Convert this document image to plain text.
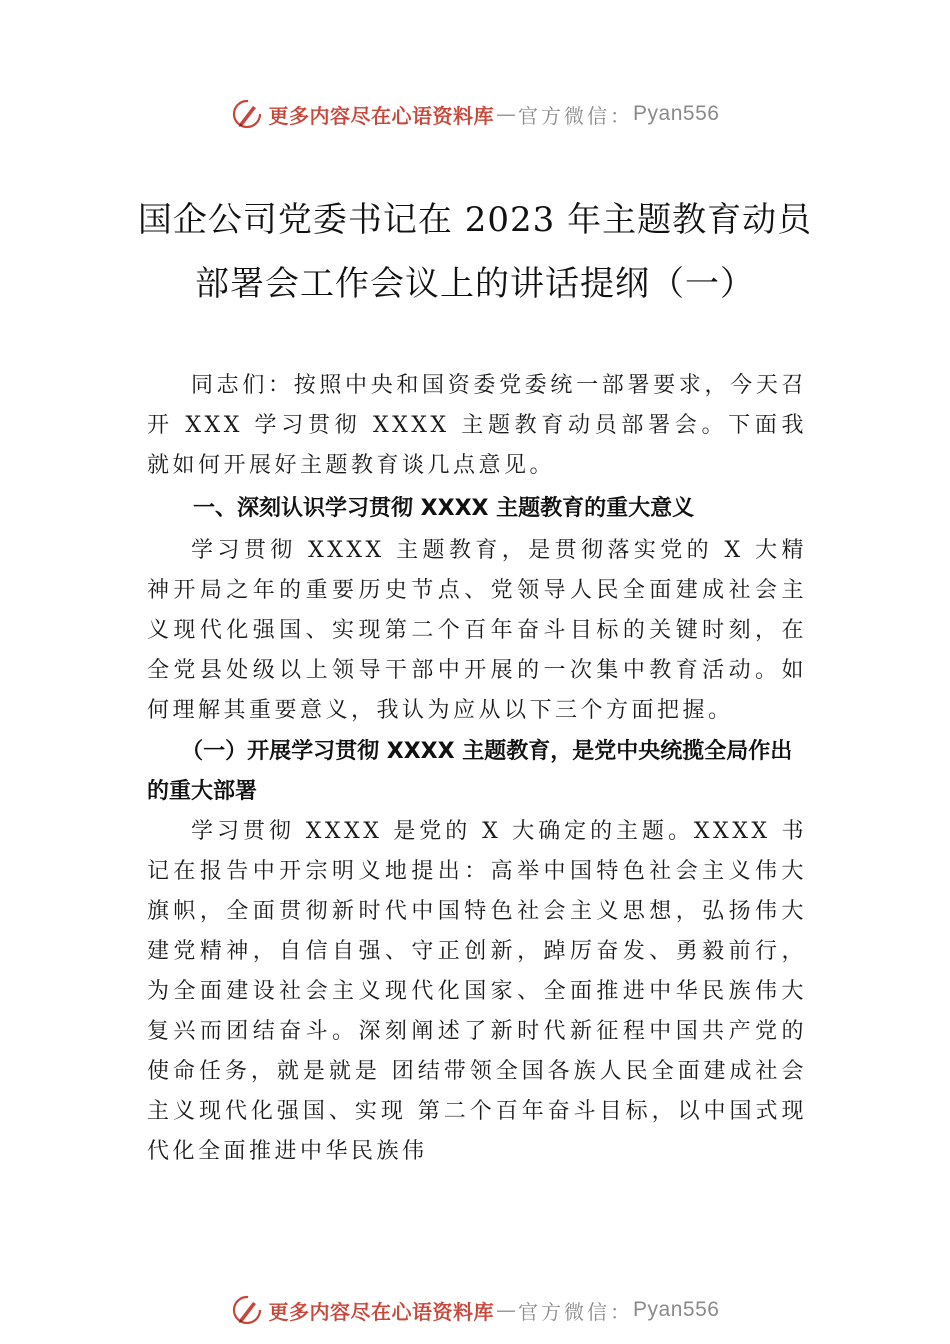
更多内容尽在心语资料库 — 官方微信： Pyan556
国企公司党委书记在 2023 年主题教育动员
部署会工作会议上的讲话提纲（一）
同志们：按照中央和国资委党委统一部署要求，今天召开 XXX 学习贯彻 XXXX 主题教育动员部署会。下面我就如何开展好主题教育谈几点意见。
一、深刻认识学习贯彻 XXXX 主题教育的重大意义
学习贯彻 XXXX 主题教育，是贯彻落实党的 X 大精神开局之年的重要历史节点、党领导人民全面建成社会主义现代化强国、实现第二个百年奋斗目标的关键时刻，在全党县处级以上领导干部中开展的一次集中教育活动。如何理解其重要意义，我认为应从以下三个方面把握。
（一）开展学习贯彻 XXXX 主题教育，是党中央统揽全局作出的重大部署
学习贯彻 XXXX 是党的 X 大确定的主题。XXXX 书记在报告中开宗明义地提出：高举中国特色社会主义伟大旗帜，全面贯彻新时代中国特色社会主义思想，弘扬伟大建党精神，自信自强、守正创新，踔厉奋发、勇毅前行，为全面建设社会主义现代化国家、全面推进中华民族伟大复兴而团结奋斗。深刻阐述了新时代新征程中国共产党的使命任务，就是就是 团结带领全国各族人民全面建成社会主义现代化强国、实现 第二个百年奋斗目标，以中国式现代化全面推进中华民族伟
更多内容尽在心语资料库 — 官方微信： Pyan556
